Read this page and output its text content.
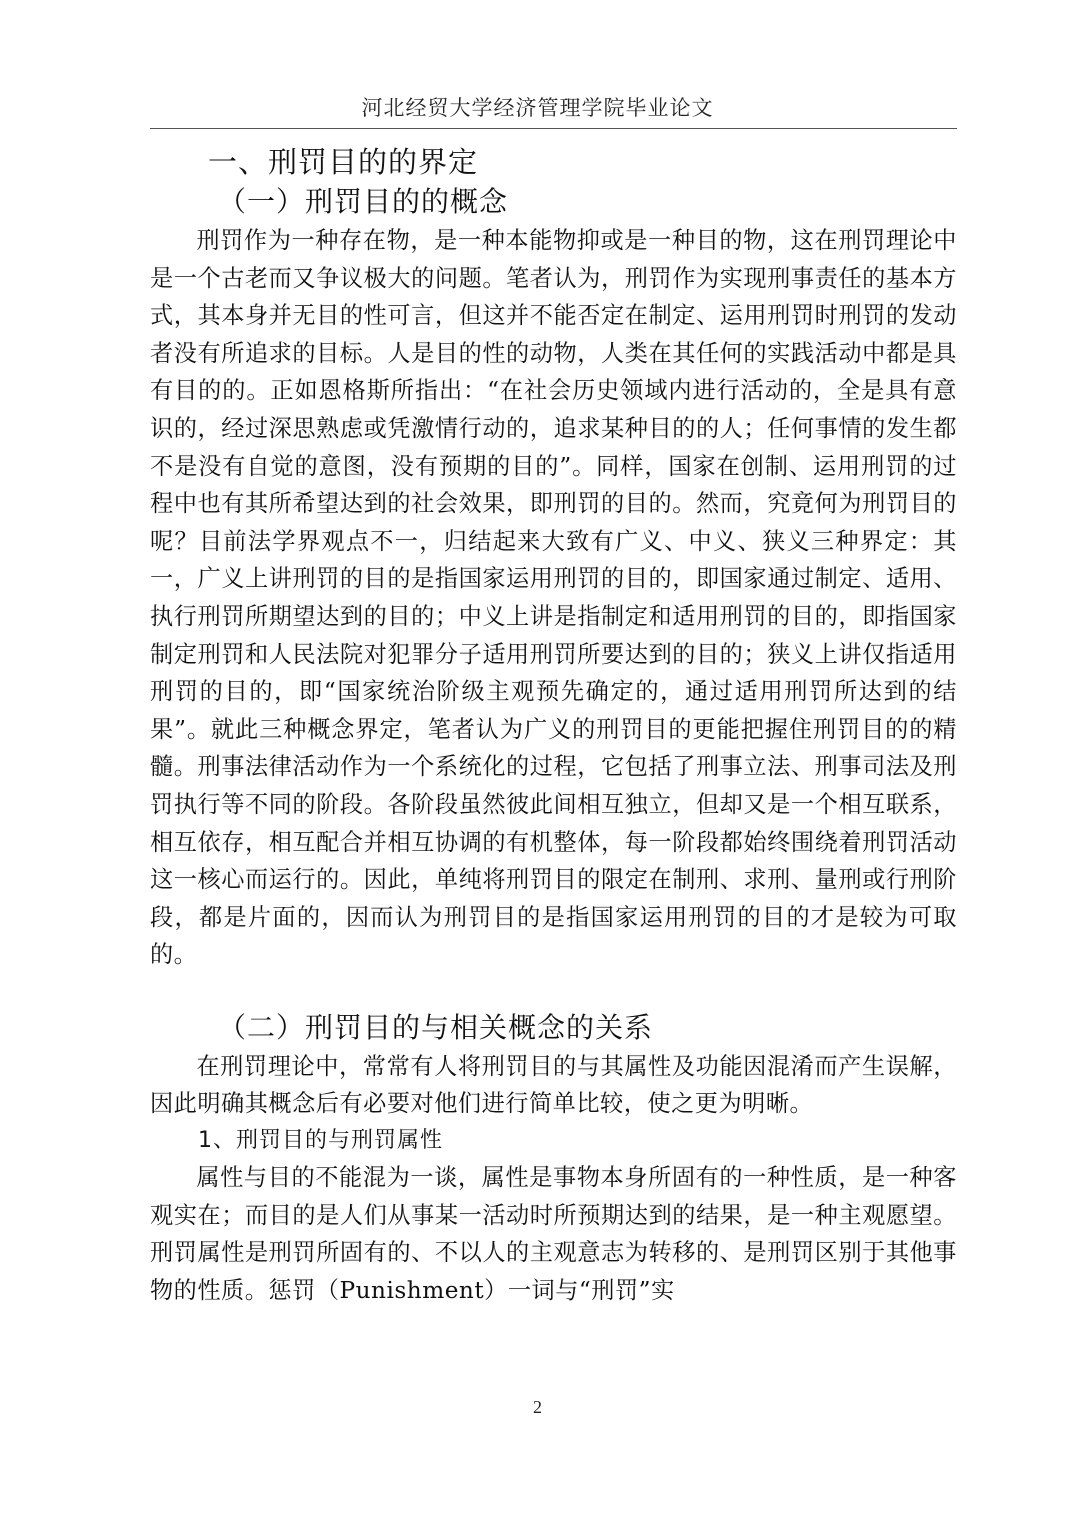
河北经贸大学经济管理学院毕业论文
一、刑罚目的的界定
（一）刑罚目的的概念

刑罚作为一种存在物，是一种本能物抑或是一种目的物，这在刑罚理论中是一个古老而又争议极大的问题。笔者认为，刑罚作为实现刑事责任的基本方式，其本身并无目的性可言，但这并不能否定在制定、运用刑罚时刑罚的发动者没有所追求的目标。人是目的性的动物，人类在其任何的实践活动中都是具有目的的。正如恩格斯所指出：“在社会历史领域内进行活动的，全是具有意识的，经过深思熟虑或凭激情行动的，追求某种目的的人；任何事情的发生都不是没有自觉的意图，没有预期的目的”。同样，国家在创制、运用刑罚的过程中也有其所希望达到的社会效果，即刑罚的目的。然而，究竟何为刑罚目的呢？目前法学界观点不一，归结起来大致有广义、中义、狭义三种界定：其一，广义上讲刑罚的目的是指国家运用刑罚的目的，即国家通过制定、适用、执行刑罚所期望达到的目的；中义上讲是指制定和适用刑罚的目的，即指国家制定刑罚和人民法院对犯罪分子适用刑罚所要达到的目的；狭义上讲仅指适用刑罚的目的，即“国家统治阶级主观预先确定的，通过适用刑罚所达到的结果”。就此三种概念界定，笔者认为广义的刑罚目的更能把握住刑罚目的的精髓。刑事法律活动作为一个系统化的过程，它包括了刑事立法、刑事司法及刑罚执行等不同的阶段。各阶段虽然彼此间相互独立，但却又是一个相互联系，相互依存，相互配合并相互协调的有机整体，每一阶段都始终围绕着刑罚活动这一核心而运行的。因此，单纯将刑罚目的限定在制刑、求刑、量刑或行刑阶段，都是片面的，因而认为刑罚目的是指国家运用刑罚的目的才是较为可取的。

（二）刑罚目的与相关概念的关系

在刑罚理论中，常常有人将刑罚目的与其属性及功能因混淆而产生误解，因此明确其概念后有必要对他们进行简单比较，使之更为明晰。

1、刑罚目的与刑罚属性

属性与目的不能混为一谈，属性是事物本身所固有的一种性质，是一种客观实在；而目的是人们从事某一活动时所预期达到的结果，是一种主观愿望。刑罚属性是刑罚所固有的、不以人的主观意志为转移的、是刑罚区别于其他事物的性质。惩罚（Punishment）一词与“刑罚”实

2
